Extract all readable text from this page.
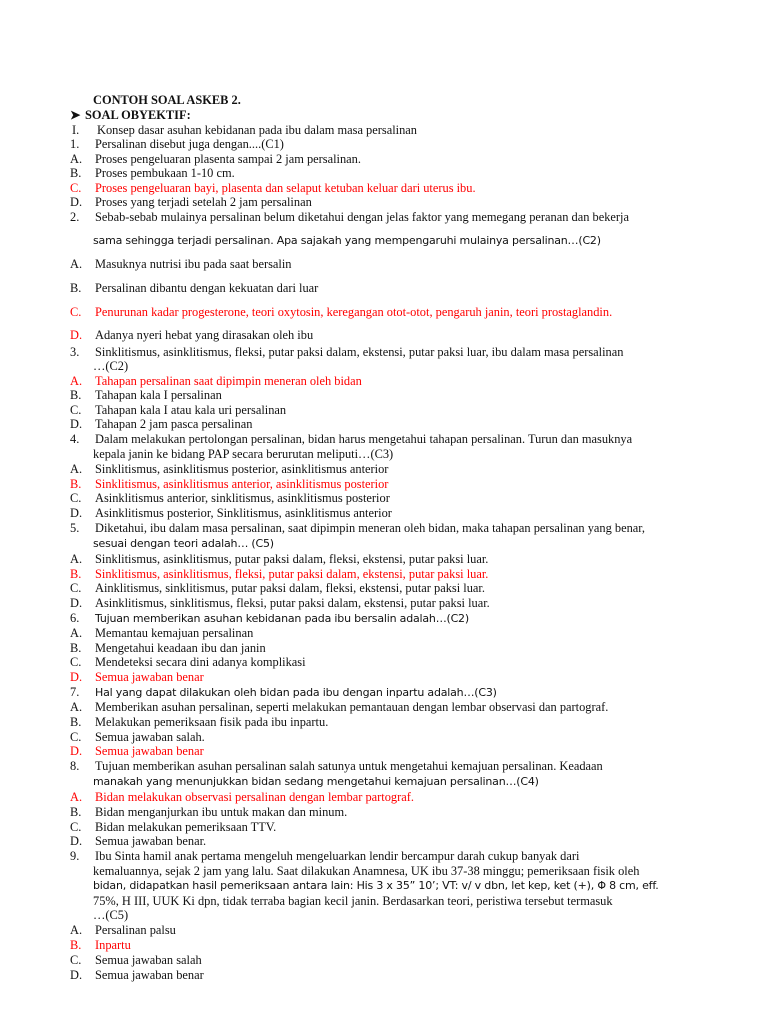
CONTOH SOAL ASKEB 2.
➤ SOAL OBYEKTIF:
I. Konsep dasar asuhan kebidanan pada ibu dalam masa persalinan
1. Persalinan disebut juga dengan....(C1)
A. Proses pengeluaran plasenta sampai 2 jam persalinan.
B. Proses pembukaan 1-10 cm.
C. Proses pengeluaran bayi, plasenta dan selaput ketuban keluar dari uterus ibu.
D. Proses yang terjadi setelah 2 jam persalinan
2. Sebab-sebab mulainya persalinan belum diketahui dengan jelas faktor yang memegang peranan dan bekerja
sama sehingga terjadi persalinan. Apa sajakah yang mempengaruhi mulainya persalinan…(C2)
A. Masuknya nutrisi ibu pada saat bersalin
B. Persalinan dibantu dengan kekuatan dari luar
C. Penurunan kadar progesterone, teori oxytosin, keregangan otot-otot, pengaruh janin, teori prostaglandin.
D. Adanya nyeri hebat yang dirasakan oleh ibu
3. Sinklitismus, asinklitismus, fleksi, putar paksi dalam, ekstensi, putar paksi luar, ibu dalam masa persalinan
…(C2)
A. Tahapan persalinan saat dipimpin meneran oleh bidan
B. Tahapan kala I persalinan
C. Tahapan kala I atau kala uri persalinan
D. Tahapan 2 jam pasca persalinan
4. Dalam melakukan pertolongan persalinan, bidan harus mengetahui tahapan persalinan. Turun dan masuknya
kepala janin ke bidang PAP secara berurutan meliputi…(C3)
A. Sinklitismus, asinklitismus posterior, asinklitismus anterior
B. Sinklitismus, asinklitismus anterior, asinklitismus posterior
C. Asinklitismus anterior, sinklitismus, asinklitismus posterior
D. Asinklitismus posterior, Sinklitismus, asinklitismus anterior
5. Diketahui, ibu dalam masa persalinan, saat dipimpin meneran oleh bidan, maka tahapan persalinan yang benar,
sesuai dengan teori adalah… (C5)
A. Sinklitismus, asinklitismus, putar paksi dalam, fleksi, ekstensi, putar paksi luar.
B. Sinklitismus, asinklitismus, fleksi, putar paksi dalam, ekstensi, putar paksi luar.
C. Ainklitismus, sinklitismus, putar paksi dalam, fleksi, ekstensi, putar paksi luar.
D. Asinklitismus, sinklitismus, fleksi, putar paksi dalam, ekstensi, putar paksi luar.
6. Tujuan memberikan asuhan kebidanan pada ibu bersalin adalah…(C2)
A. Memantau kemajuan persalinan
B. Mengetahui keadaan ibu dan janin
C. Mendeteksi secara dini adanya komplikasi
D. Semua jawaban benar
7. Hal yang dapat dilakukan oleh bidan pada ibu dengan inpartu adalah…(C3)
A. Memberikan asuhan persalinan, seperti melakukan pemantauan dengan lembar observasi dan partograf.
B. Melakukan pemeriksaan fisik pada ibu inpartu.
C. Semua jawaban salah.
D. Semua jawaban benar
8. Tujuan memberikan asuhan persalinan salah satunya untuk mengetahui kemajuan persalinan. Keadaan
manakah yang menunjukkan bidan sedang mengetahui kemajuan persalinan…(C4)
A. Bidan melakukan observasi persalinan dengan lembar partograf.
B. Bidan menganjurkan ibu untuk makan dan minum.
C. Bidan melakukan pemeriksaan TTV.
D. Semua jawaban benar.
9. Ibu Sinta hamil anak pertama mengeluh mengeluarkan lendir bercampur darah cukup banyak dari
kemaluannya, sejak 2 jam yang lalu. Saat dilakukan Anamnesa, UK ibu 37-38 minggu; pemeriksaan fisik oleh
bidan, didapatkan hasil pemeriksaan antara lain: His 3 x 35” 10’; VT: v/ v dbn, let kep, ket (+), Φ 8 cm, eff.
75%, H III, UUK Ki dpn, tidak terraba bagian kecil janin. Berdasarkan teori, peristiwa tersebut termasuk
…(C5)
A. Persalinan palsu
B. Inpartu
C. Semua jawaban salah
D. Semua jawaban benar
